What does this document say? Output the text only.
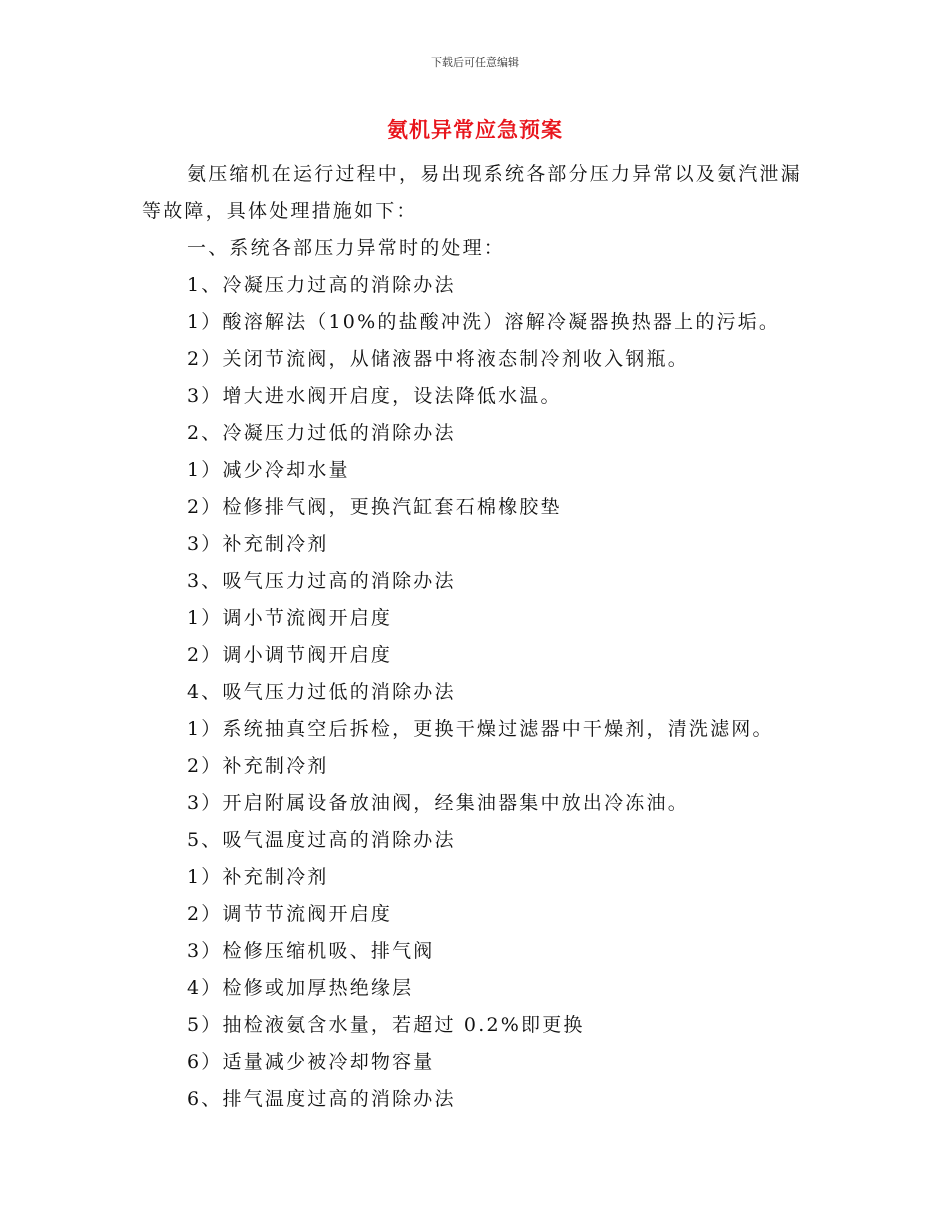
下载后可任意编辑
氨机异常应急预案

氨压缩机在运行过程中，易出现系统各部分压力异常以及氨汽泄漏等故障，具体处理措施如下：

一、系统各部压力异常时的处理：

1、冷凝压力过高的消除办法

1）酸溶解法（10%的盐酸冲洗）溶解冷凝器换热器上的污垢。

2）关闭节流阀，从储液器中将液态制冷剂收入钢瓶。

3）增大进水阀开启度，设法降低水温。

2、冷凝压力过低的消除办法

1）减少冷却水量

2）检修排气阀，更换汽缸套石棉橡胶垫

3）补充制冷剂

3、吸气压力过高的消除办法

1）调小节流阀开启度

2）调小调节阀开启度

4、吸气压力过低的消除办法

1）系统抽真空后拆检，更换干燥过滤器中干燥剂，清洗滤网。

2）补充制冷剂

3）开启附属设备放油阀，经集油器集中放出冷冻油。

5、吸气温度过高的消除办法

1）补充制冷剂

2）调节节流阀开启度

3）检修压缩机吸、排气阀

4）检修或加厚热绝缘层

5）抽检液氨含水量，若超过 0.2%即更换

6）适量减少被冷却物容量

6、排气温度过高的消除办法
